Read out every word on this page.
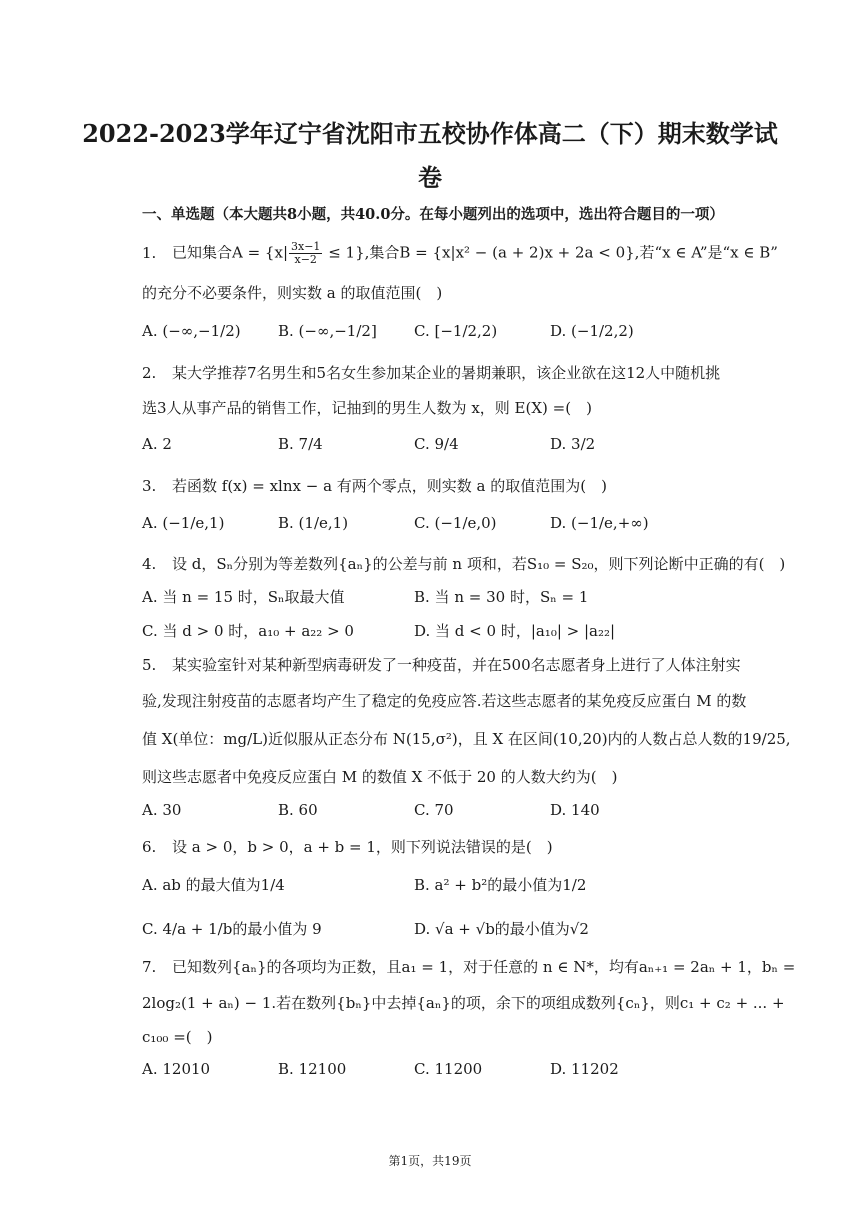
2022-2023学年辽宁省沈阳市五校协作体高二（下）期末数学试
卷
一、单选题（本大题共8小题，共40.0分。在每小题列出的选项中，选出符合题目的一项）
1. 已知集合$A = \{x| \frac{3x-1}{x-2} \le 1\}$,集合B = {x|x² − (a + 2)x + 2a < 0},若“x ∈ A”是“x ∈ B”
的充分不必要条件，则实数 a 的取值范围(　)
A. (−∞,−1/2) B. (−∞,−1/2] C. [−1/2,2)	D. (−1/2,2)
2. 某大学推荐7名男生和5名女生参加某企业的暑期兼职，该企业欲在这12人中随机挑
选3人从事产品的销售工作，记抽到的男生人数为 x，则 E(X) =(　)
A. 2	B. 7/4	C. 9/4	D. 3/2
3. 若函数 f(x) = xlnx − a 有两个零点，则实数 a 的取值范围为(　)
A. (−1/e,1)	B. (1/e,1)	C. (−1/e,0)	D. (−1/e,+∞)
4. 设 d，Sₙ分别为等差数列{aₙ}的公差与前 n 项和，若S₁₀ = S₂₀，则下列论断中正确的有(　)
A. 当 n = 15 时，Sₙ取最大值	B. 当 n = 30 时，Sₙ = 1
C. 当 d > 0 时，a₁₀ + a₂₂ > 0	D. 当 d < 0 时，|a₁₀| > |a₂₂|
5. 某实验室针对某种新型病毒研发了一种疫苗，并在500名志愿者身上进行了人体注射实
验,发现注射疫苗的志愿者均产生了稳定的免疫应答.若这些志愿者的某免疫反应蛋白 M 的数
值 X(单位：mg/L)近似服从正态分布 N(15,σ²)，且 X 在区间(10,20)内的人数占总人数的19/25,
则这些志愿者中免疫反应蛋白 M 的数值 X 不低于 20 的人数大约为(　)
A. 30	B. 60	C. 70	D. 140
6. 设 a > 0，b > 0，a + b = 1，则下列说法错误的是(　)
A. ab 的最大值为1/4	B. a² + b²的最小值为1/2
C. 4/a + 1/b的最小值为 9	D. √a + √b的最小值为√2
7. 已知数列{aₙ}的各项均为正数，且a₁ = 1，对于任意的 n ∈ N*，均有aₙ₊₁ = 2aₙ + 1，bₙ =
2log₂(1 + aₙ) − 1.若在数列{bₙ}中去掉{aₙ}的项，余下的项组成数列{cₙ}，则c₁ + c₂ + ... +
c₁₀₀ =(　)
A. 12010	B. 12100	C. 11200	D. 11202
第1页，共19页
